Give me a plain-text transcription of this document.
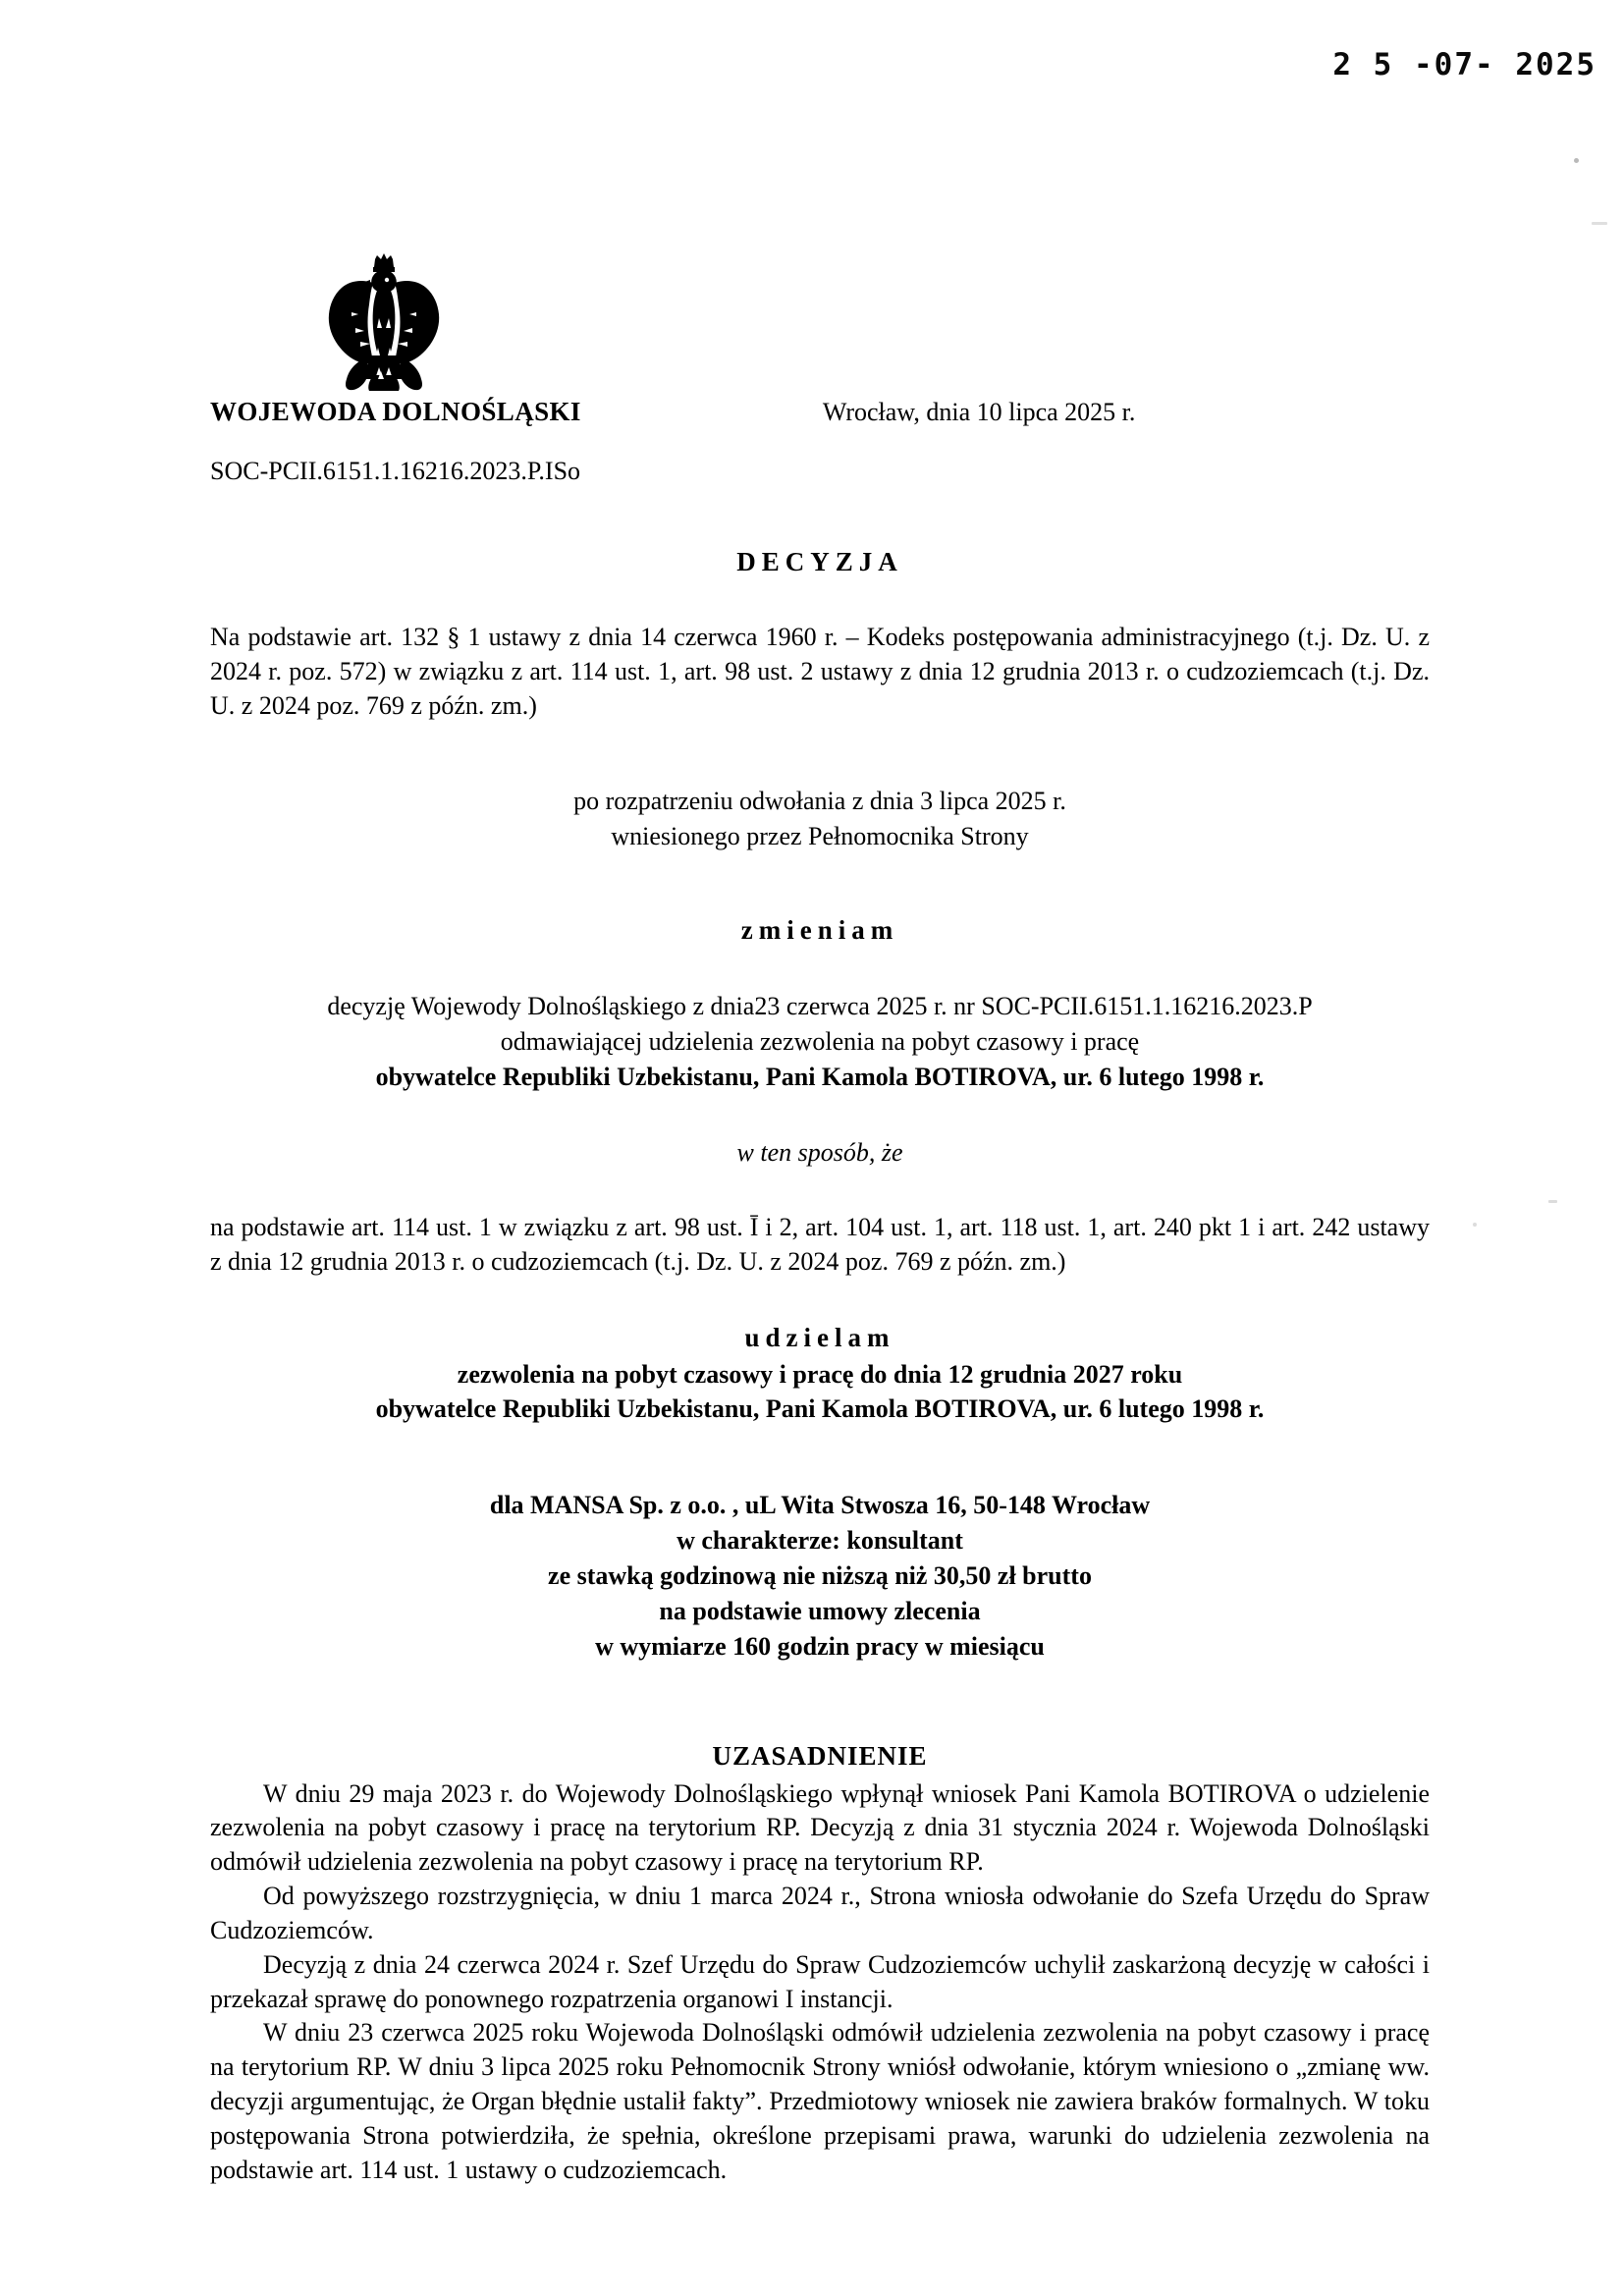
2 5 -07- 2025
WOJEWODA DOLNOŚLĄSKI	Wrocław, dnia 10 lipca 2025 r.
SOC-PCII.6151.1.16216.2023.P.ISo
DECYZJA

Na podstawie art. 132 § 1 ustawy z dnia 14 czerwca 1960 r. – Kodeks postępowania administracyjnego (t.j. Dz. U. z 2024 r. poz. 572) w związku z art. 114 ust. 1, art. 98 ust. 2 ustawy z dnia 12 grudnia 2013 r. o cudzoziemcach (t.j. Dz. U. z 2024 poz. 769 z późn. zm.)

po rozpatrzeniu odwołania z dnia 3 lipca 2025 r.
wniesionego przez Pełnomocnika Strony
zmieniam
decyzję Wojewody Dolnośląskiego z dnia23 czerwca 2025 r. nr SOC-PCII.6151.1.16216.2023.P
odmawiającej udzielenia zezwolenia na pobyt czasowy i pracę
obywatelce Republiki Uzbekistanu, Pani Kamola BOTIROVA, ur. 6 lutego 1998 r.

w ten sposób, że

na podstawie art. 114 ust. 1 w związku z art. 98 ust. Ī i 2, art. 104 ust. 1, art. 118 ust. 1, art. 240 pkt 1 i art. 242 ustawy z dnia 12 grudnia 2013 r. o cudzoziemcach (t.j. Dz. U. z 2024 poz. 769 z późn. zm.)

udzielam
zezwolenia na pobyt czasowy i pracę do dnia 12 grudnia 2027 roku
obywatelce Republiki Uzbekistanu, Pani Kamola BOTIROVA, ur. 6 lutego 1998 r.
dla MANSA Sp. z o.o. , uL Wita Stwosza 16, 50-148 Wrocław
w charakterze: konsultant
ze stawką godzinową nie niższą niż 30,50 zł brutto
na podstawie umowy zlecenia
w wymiarze 160 godzin pracy w miesiącu
UZASADNIENIE

W dniu 29 maja 2023 r. do Wojewody Dolnośląskiego wpłynął wniosek Pani Kamola BOTIROVA o udzielenie zezwolenia na pobyt czasowy i pracę na terytorium RP. Decyzją z dnia 31 stycznia 2024 r. Wojewoda Dolnośląski odmówił udzielenia zezwolenia na pobyt czasowy i pracę na terytorium RP.

Od powyższego rozstrzygnięcia, w dniu 1 marca 2024 r., Strona wniosła odwołanie do Szefa Urzędu do Spraw Cudzoziemców.

Decyzją z dnia 24 czerwca 2024 r. Szef Urzędu do Spraw Cudzoziemców uchylił zaskarżoną decyzję w całości i przekazał sprawę do ponownego rozpatrzenia organowi I instancji.

W dniu 23 czerwca 2025 roku Wojewoda Dolnośląski odmówił udzielenia zezwolenia na pobyt czasowy i pracę na terytorium RP. W dniu 3 lipca 2025 roku Pełnomocnik Strony wniósł odwołanie, którym wniesiono o „zmianę ww. decyzji argumentując, że Organ błędnie ustalił fakty”. Przedmiotowy wniosek nie zawiera braków formalnych. W toku postępowania Strona potwierdziła, że spełnia, określone przepisami prawa, warunki do udzielenia zezwolenia na podstawie art. 114 ust. 1 ustawy o cudzoziemcach.
